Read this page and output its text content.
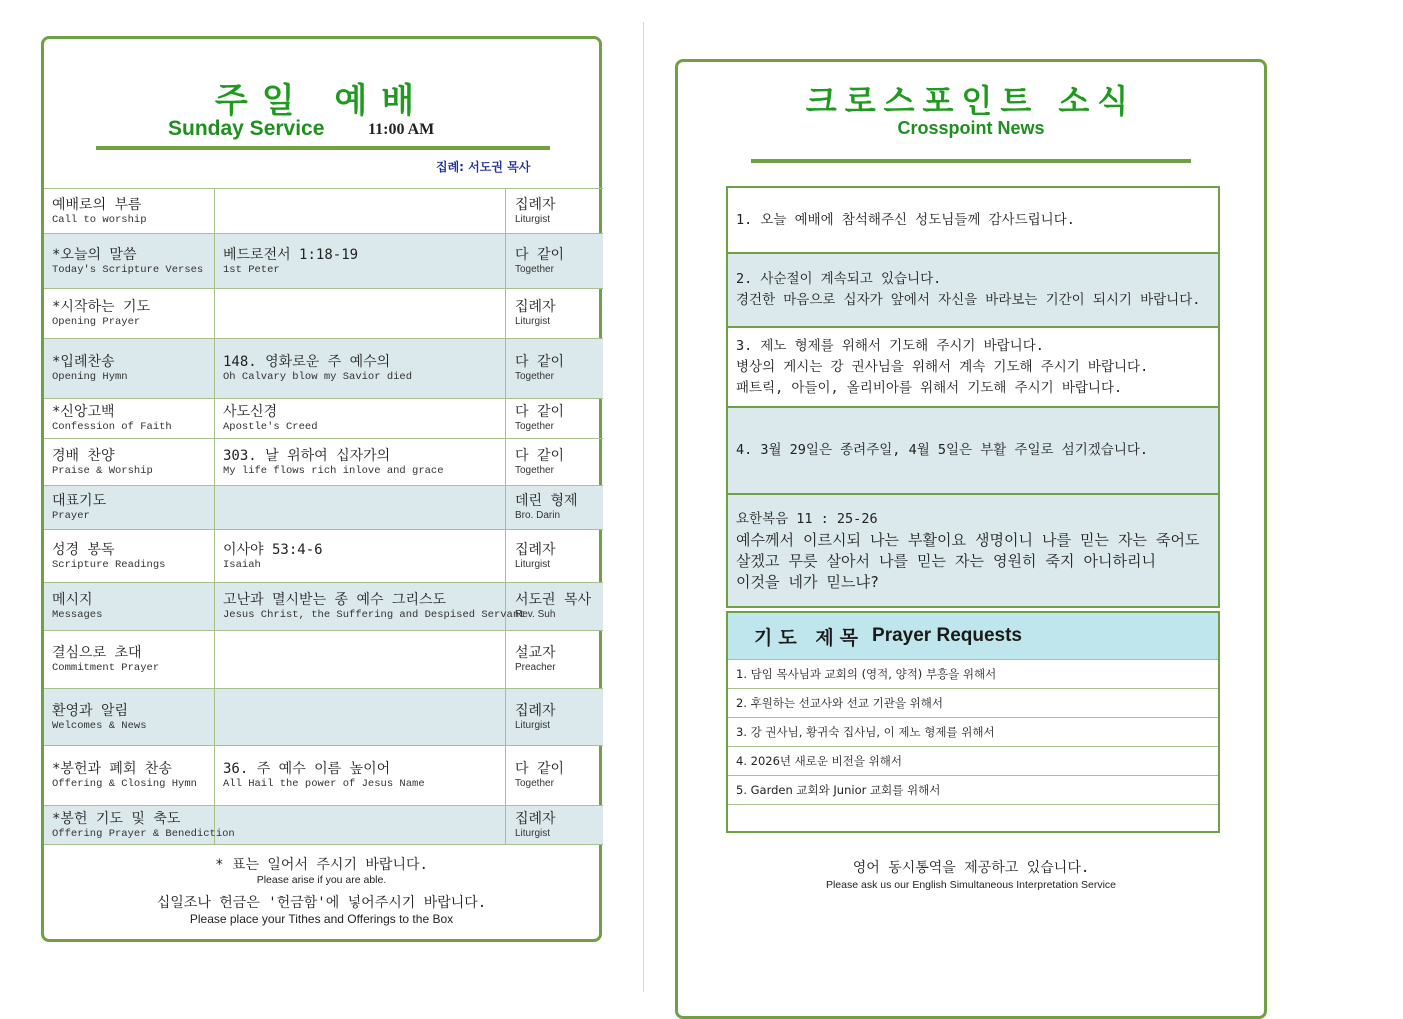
주일 예배
Sunday Service	11:00 AM
집례: 서도권 목사
예배로의 부름
Call to worship
집례자
Liturgist
*오늘의 말씀
Today's Scripture Verses
베드로전서 1:18-19
1st Peter
다 같이
Together
*시작하는 기도
Opening Prayer
집례자
Liturgist
*입례찬송
Opening Hymn
148. 영화로운 주 예수의
Oh Calvary blow my Savior died
다 같이
Together
*신앙고백
Confession of Faith
사도신경
Apostle's Creed
다 같이
Together
경배 찬양
Praise & Worship
303. 날 위하여 십자가의
My life flows rich inlove and grace
다 같이
Together
대표기도
Prayer
데린 형제
Bro. Darin
성경 봉독
Scripture Readings
이사야 53:4-6
Isaiah
집례자
Liturgist
메시지
Messages
고난과 멸시받는 종 예수 그리스도
Jesus Christ, the Suffering and Despised Servant
서도권 목사
Rev. Suh
결심으로 초대
Commitment Prayer
설교자
Preacher
환영과 알림
Welcomes & News
집례자
Liturgist
*봉헌과 폐회 찬송
Offering & Closing Hymn
36. 주 예수 이름 높이어
All Hail the power of Jesus Name
다 같이
Together
*봉헌 기도 및 축도
Offering Prayer & Benediction
집례자
Liturgist
* 표는 일어서 주시기 바랍니다.
Please arise if you are able.
십일조나 헌금은 '헌금함'에 넣어주시기 바랍니다.
Please place your Tithes and Offerings to the Box
크로스포인트 소식
Crosspoint News
1. 오늘 예배에 참석해주신 성도님들께 감사드립니다.
2. 사순절이 계속되고 있습니다.
경건한 마음으로 십자가 앞에서 자신을 바라보는 기간이 되시기 바랍니다.
3. 제노 형제를 위해서 기도해 주시기 바랍니다.
병상의 게시는 강 권사님을 위해서 계속 기도해 주시기 바랍니다.
패트릭, 아들이, 올리비아를 위해서 기도해 주시기 바랍니다.
4. 3월 29일은 종려주일, 4월 5일은 부활 주일로 섬기겠습니다.
요한복음 11 : 25-26
예수께서 이르시되 나는 부활이요 생명이니 나를 믿는 자는 죽어도
살겠고 무릇 살아서 나를 믿는 자는 영원히 죽지 아니하리니
이것을 네가 믿느냐?
기도 제목 Prayer Requests
1. 담임 목사님과 교회의 (영적, 양적) 부흥을 위해서
2. 후원하는 선교사와 선교 기관을 위해서
3. 강 권사님, 황귀숙 집사님, 이 제노 형제를 위해서
4. 2026년 새로운 비전을 위해서
5. Garden 교회와 Junior 교회를 위해서
영어 동시통역을 제공하고 있습니다.
Please ask us our English Simultaneous Interpretation Service
